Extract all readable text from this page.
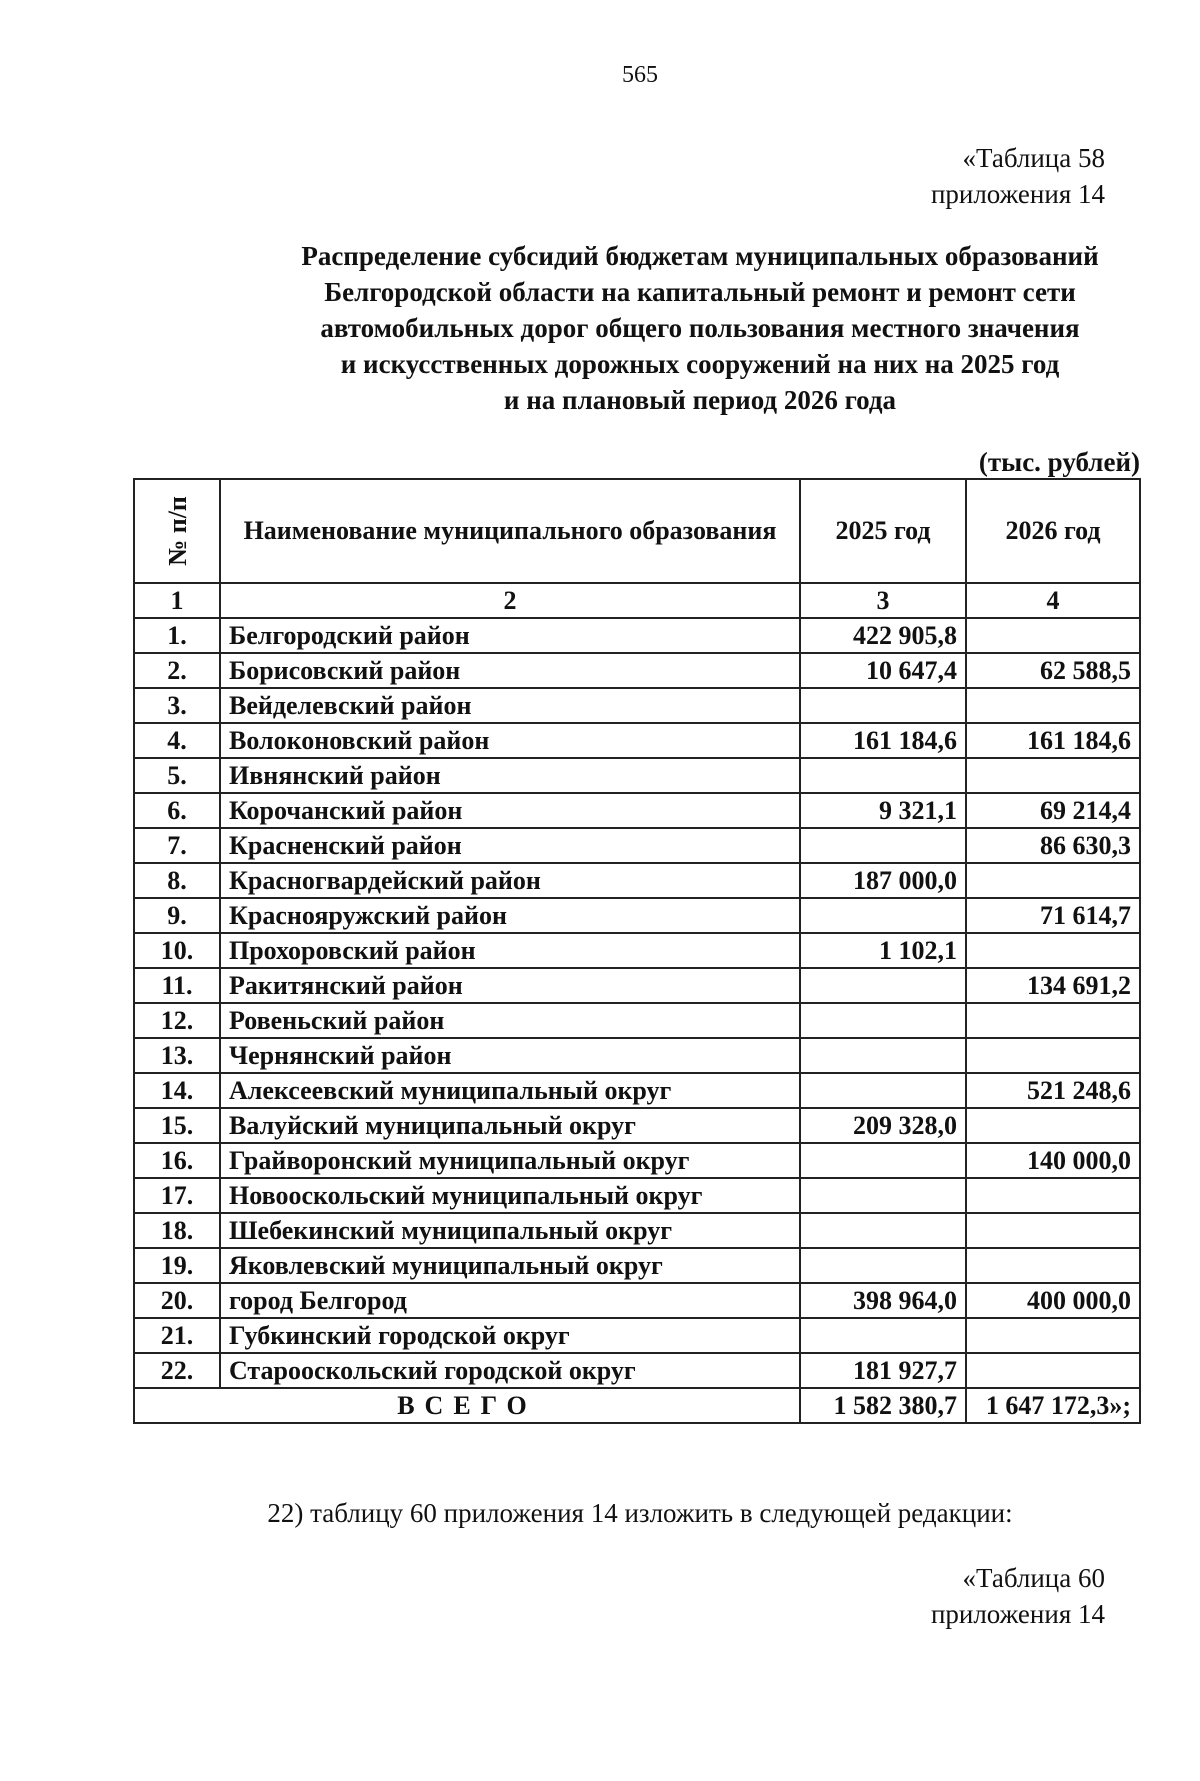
565
«Таблица 58
приложения 14
Распределение субсидий бюджетам муниципальных образований
Белгородской области на капитальный ремонт и ремонт сети
автомобильных дорог общего пользования местного значения
и искусственных дорожных сооружений на них на 2025 год
и на плановый период 2026 года
(тыс. рублей)
№ п/п	Наименование муниципального образования	2025 год	2026 год
1	2	3	4
1.	Белгородский район	422 905,8	
2.	Борисовский район	10 647,4	62 588,5
3.	Вейделевский район		
4.	Волоконовский район	161 184,6	161 184,6
5.	Ивнянский район		
6.	Корочанский район	9 321,1	69 214,4
7.	Красненский район		86 630,3
8.	Красногвардейский район	187 000,0	
9.	Краснояружский район		71 614,7
10.	Прохоровский район	1 102,1	
11.	Ракитянский район		134 691,2
12.	Ровеньский район		
13.	Чернянский район		
14.	Алексеевский муниципальный округ		521 248,6
15.	Валуйский муниципальный округ	209 328,0	
16.	Грайворонский муниципальный округ		140 000,0
17.	Новооскольский муниципальный округ		
18.	Шебекинский муниципальный округ		
19.	Яковлевский муниципальный округ		
20.	город Белгород	398 964,0	400 000,0
21.	Губкинский городской округ		
22.	Старооскольский городской округ	181 927,7	
ВСЕГО		1 582 380,7	1 647 172,3»;
22) таблицу 60 приложения 14 изложить в следующей редакции:
«Таблица 60
приложения 14
